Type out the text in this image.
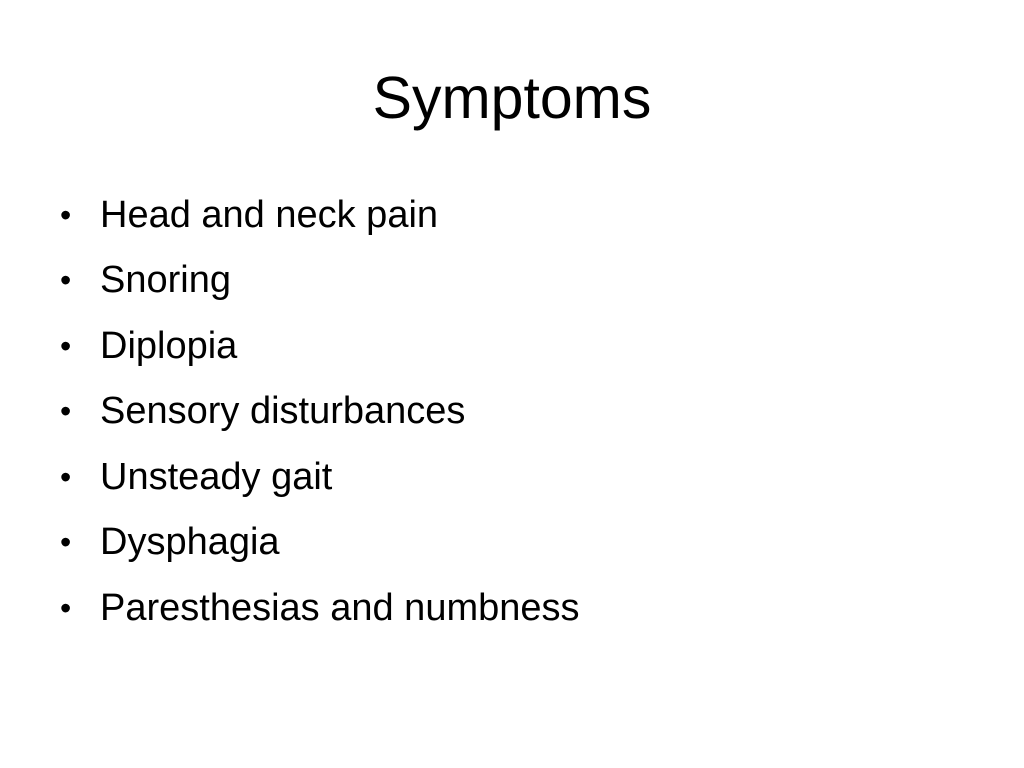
Symptoms
• Head and neck pain
• Snoring
• Diplopia
• Sensory disturbances
• Unsteady gait
• Dysphagia
• Paresthesias and numbness
